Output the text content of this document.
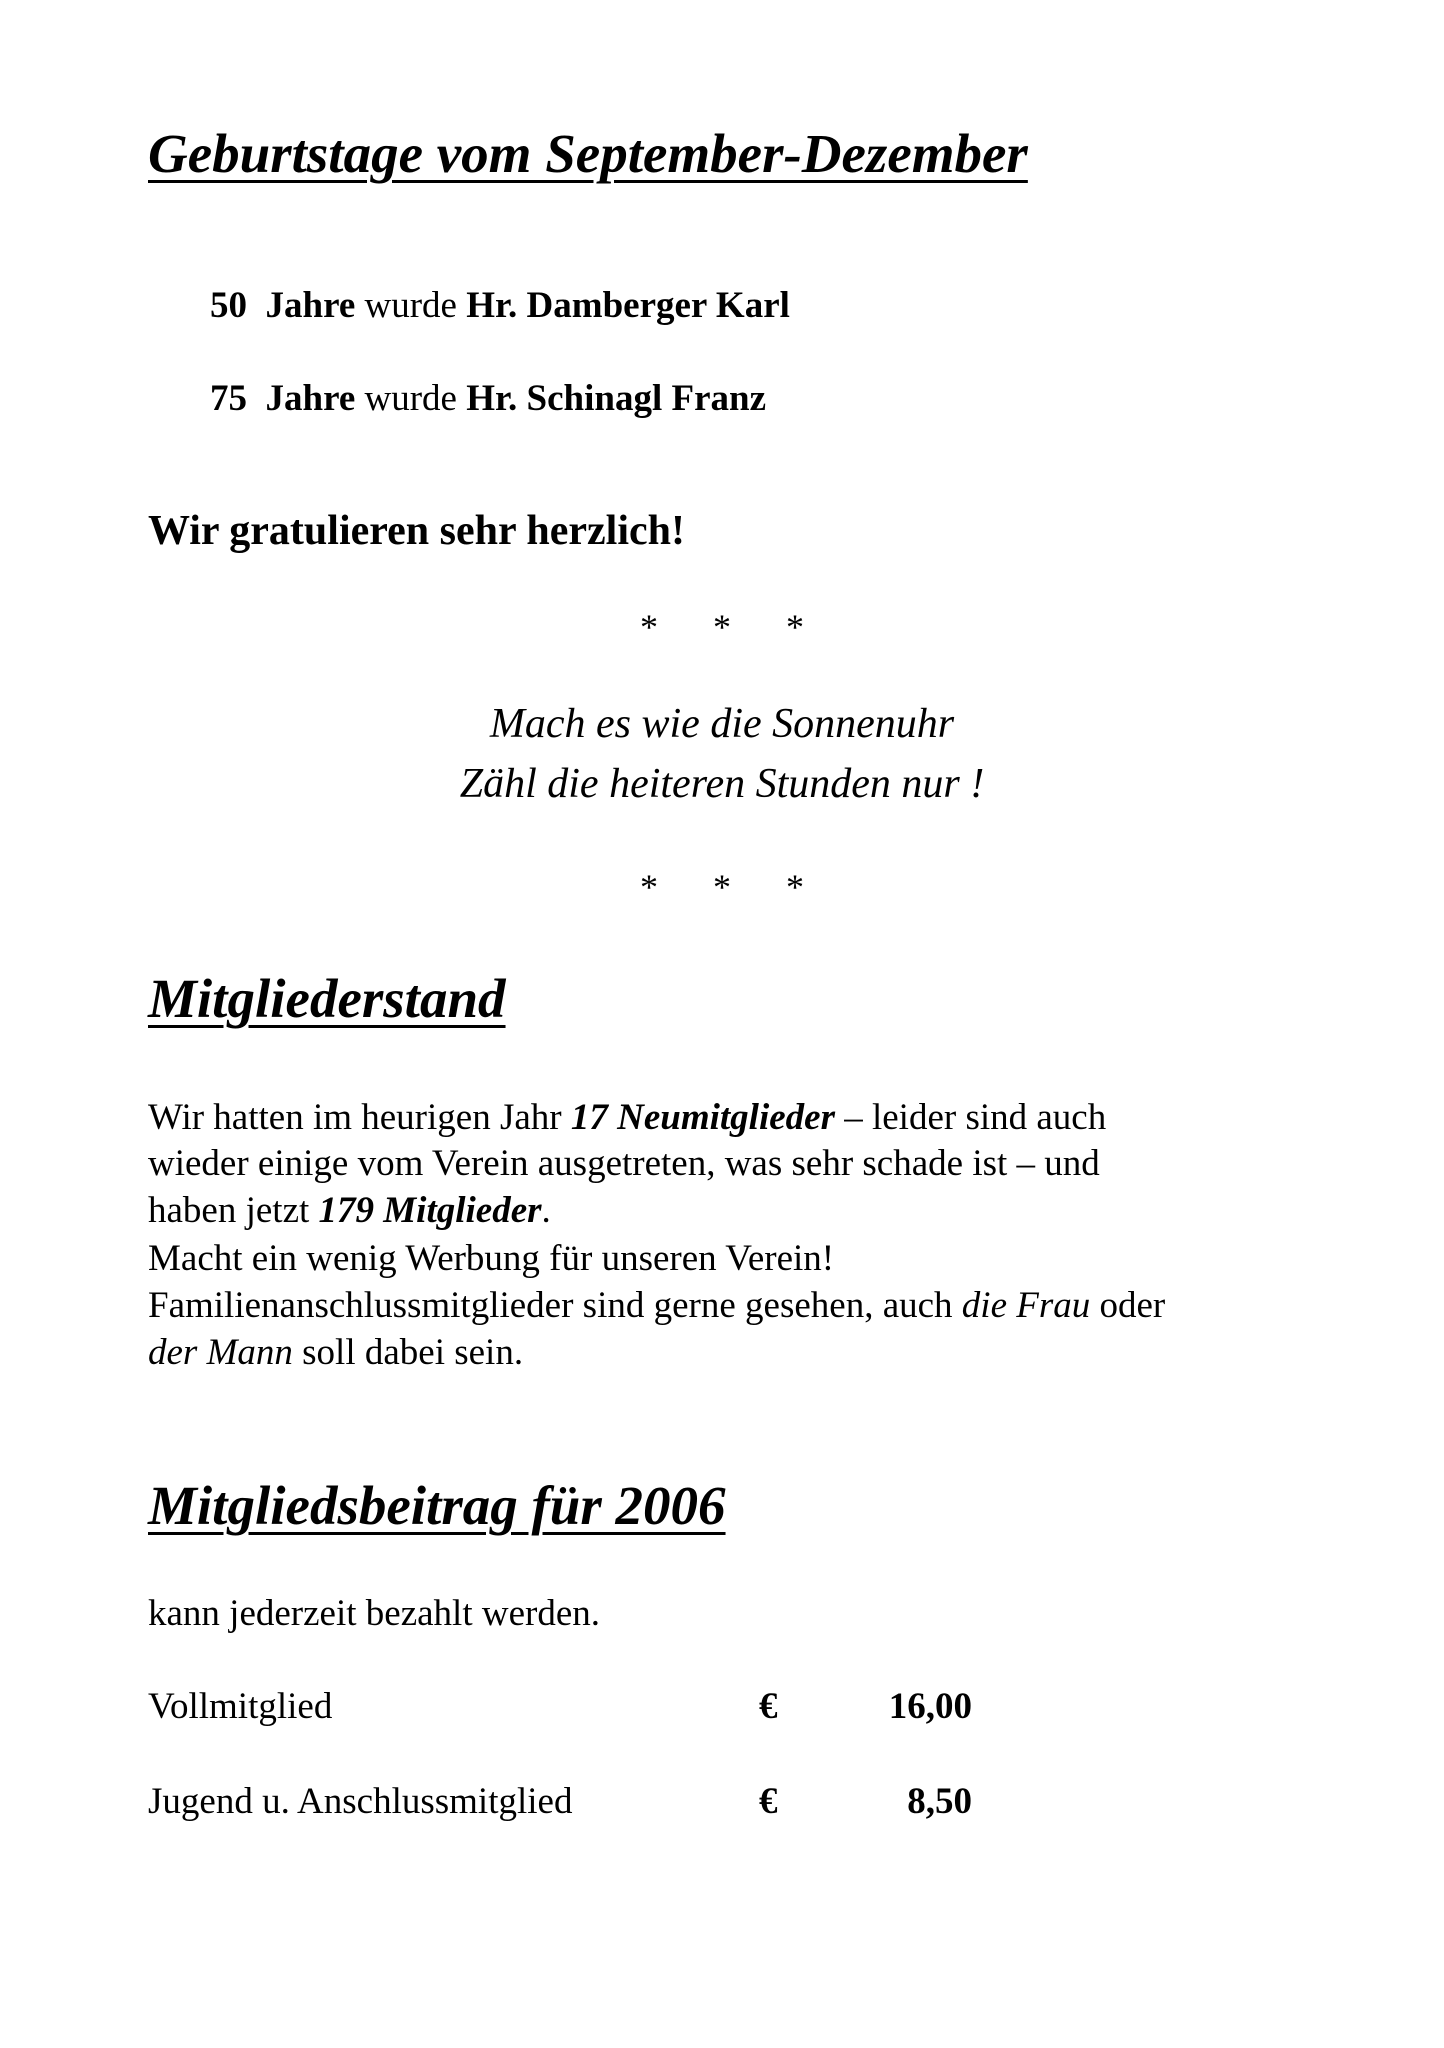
Geburtstage vom September-Dezember
50 Jahre wurde Hr. Damberger Karl
75 Jahre wurde Hr. Schinagl Franz
Wir gratulieren sehr herzlich!
* * *
Mach es wie die Sonnenuhr
Zähl die heiteren Stunden nur !
* * *
Mitgliederstand
Wir hatten im heurigen Jahr 17 Neumitglieder – leider sind auch
wieder einige vom Verein ausgetreten, was sehr schade ist – und
haben jetzt 179 Mitglieder.
Macht ein wenig Werbung für unseren Verein!
Familienanschlussmitglieder sind gerne gesehen, auch die Frau oder
der Mann soll dabei sein.
Mitgliedsbeitrag für 2006
kann jederzeit bezahlt werden.
Vollmitglied	€	16,00
Jugend u. Anschlussmitglied	€	8,50
